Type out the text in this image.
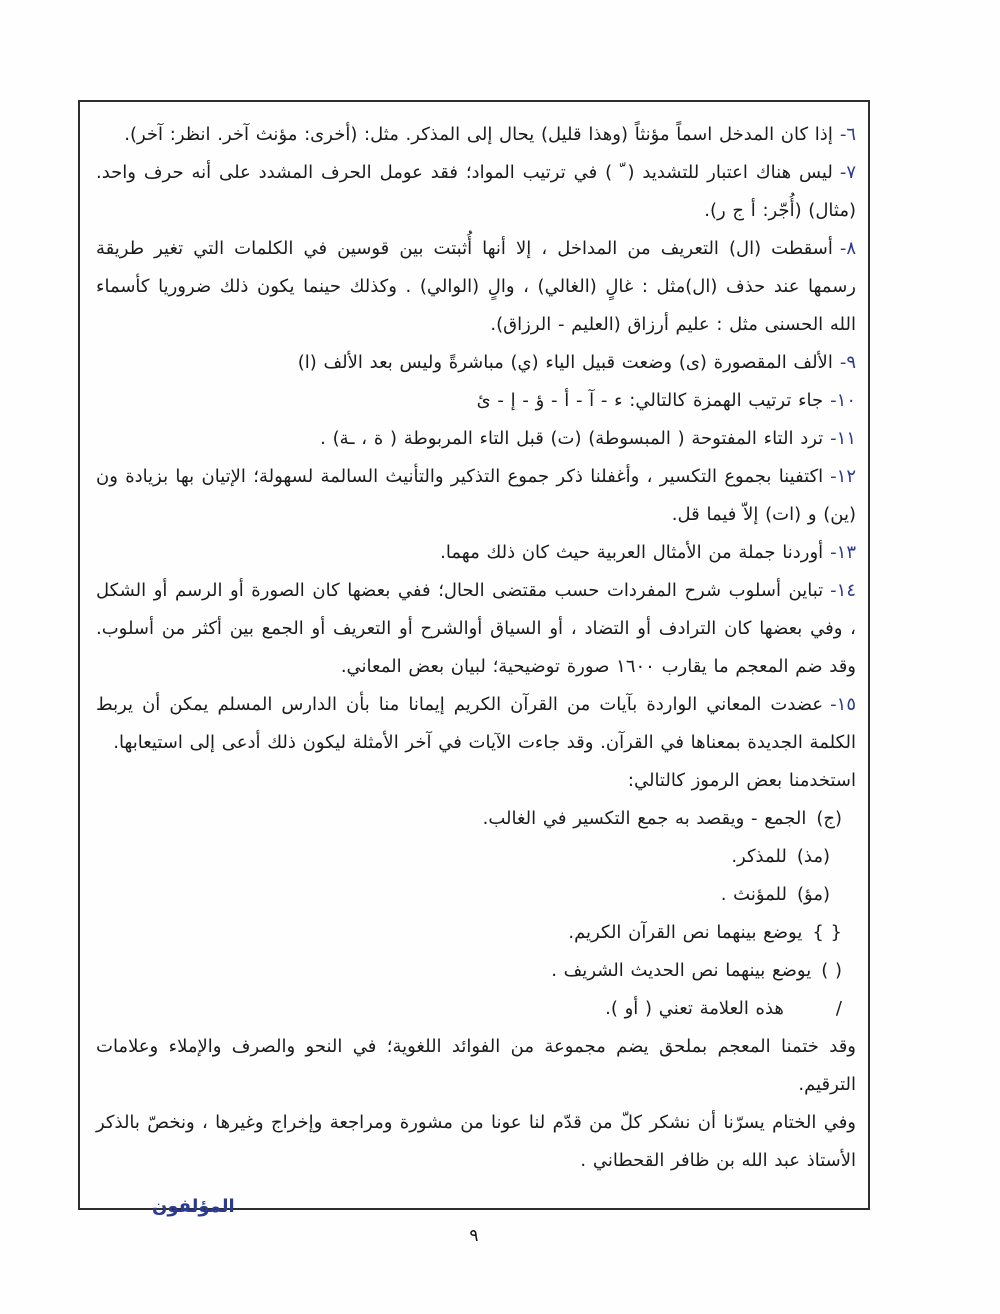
٦-إذا كان المدخل اسماً مؤنثاً (وهذا قليل) يحال إلى المذكر. مثل: (أخرى: مؤنث آخر. انظر: آخر).

٧-ليس هناك اعتبار للتشديد ( ّ ) في ترتيب المواد؛ فقد عومل الحرف المشدد على أنه حرف واحد. (مثال) (أُجّر: أ ج ر).

٨-أسقطت (ال) التعريف من المداخل ، إلا أنها أُثبتت بين قوسين في الكلمات التي تغير طريقة رسمها عند حذف (ال)مثل : غالٍ (الغالي) ، والٍ (الوالي) . وكذلك حينما يكون ذلك ضروريا كأسماء الله الحسنى مثل : عليم أرزاق (العليم - الرزاق).

٩-الألف المقصورة (ى) وضعت قبيل الياء (ي) مباشرةً وليس بعد الألف (ا)

١٠-جاء ترتيب الهمزة كالتالي: ء - آ - أ - ؤ - إ - ئ

١١-ترد التاء المفتوحة ( المبسوطة) (ت) قبل التاء المربوطة ( ة ، ـة) .

١٢-اكتفينا بجموع التكسير ، وأغفلنا ذكر جموع التذكير والتأنيث السالمة لسهولة؛ الإتيان بها بزيادة ون (ين) و (ات) إلاّ فيما قل.

١٣-أوردنا جملة من الأمثال العربية حيث كان ذلك مهما.

١٤-تباين أسلوب شرح المفردات حسب مقتضى الحال؛ ففي بعضها كان الصورة أو الرسم أو الشكل ، وفي بعضها كان الترادف أو التضاد ، أو السياق أوالشرح أو التعريف أو الجمع بين أكثر من أسلوب. وقد ضم المعجم ما يقارب ١٦٠٠ صورة توضيحية؛ لبيان بعض المعاني.

١٥-عضدت المعاني الواردة بآيات من القرآن الكريم إيمانا منا بأن الدارس المسلم يمكن أن يربط الكلمة الجديدة بمعناها في القرآن. وقد جاءت الآيات في آخر الأمثلة ليكون ذلك أدعى إلى استيعابها.

استخدمنا بعض الرموز كالتالي:

(ج)الجمع - ويقصد به جمع التكسير في الغالب.

(مذ)للمذكر.

(مؤ)للمؤنث .

{ }يوضع بينهما نص القرآن الكريم.

( )يوضع بينهما نص الحديث الشريف .

/هذه العلامة تعني ( أو ).

وقد ختمنا المعجم بملحق يضم مجموعة من الفوائد اللغوية؛ في النحو والصرف والإملاء وعلامات الترقيم.

وفي الختام يسرّنا أن نشكر كلّ من قدّم لنا عونا من مشورة ومراجعة وإخراج وغيرها ، ونخصّ بالذكر الأستاذ عبد الله بن ظافر القحطاني .

المؤلفون

٩
